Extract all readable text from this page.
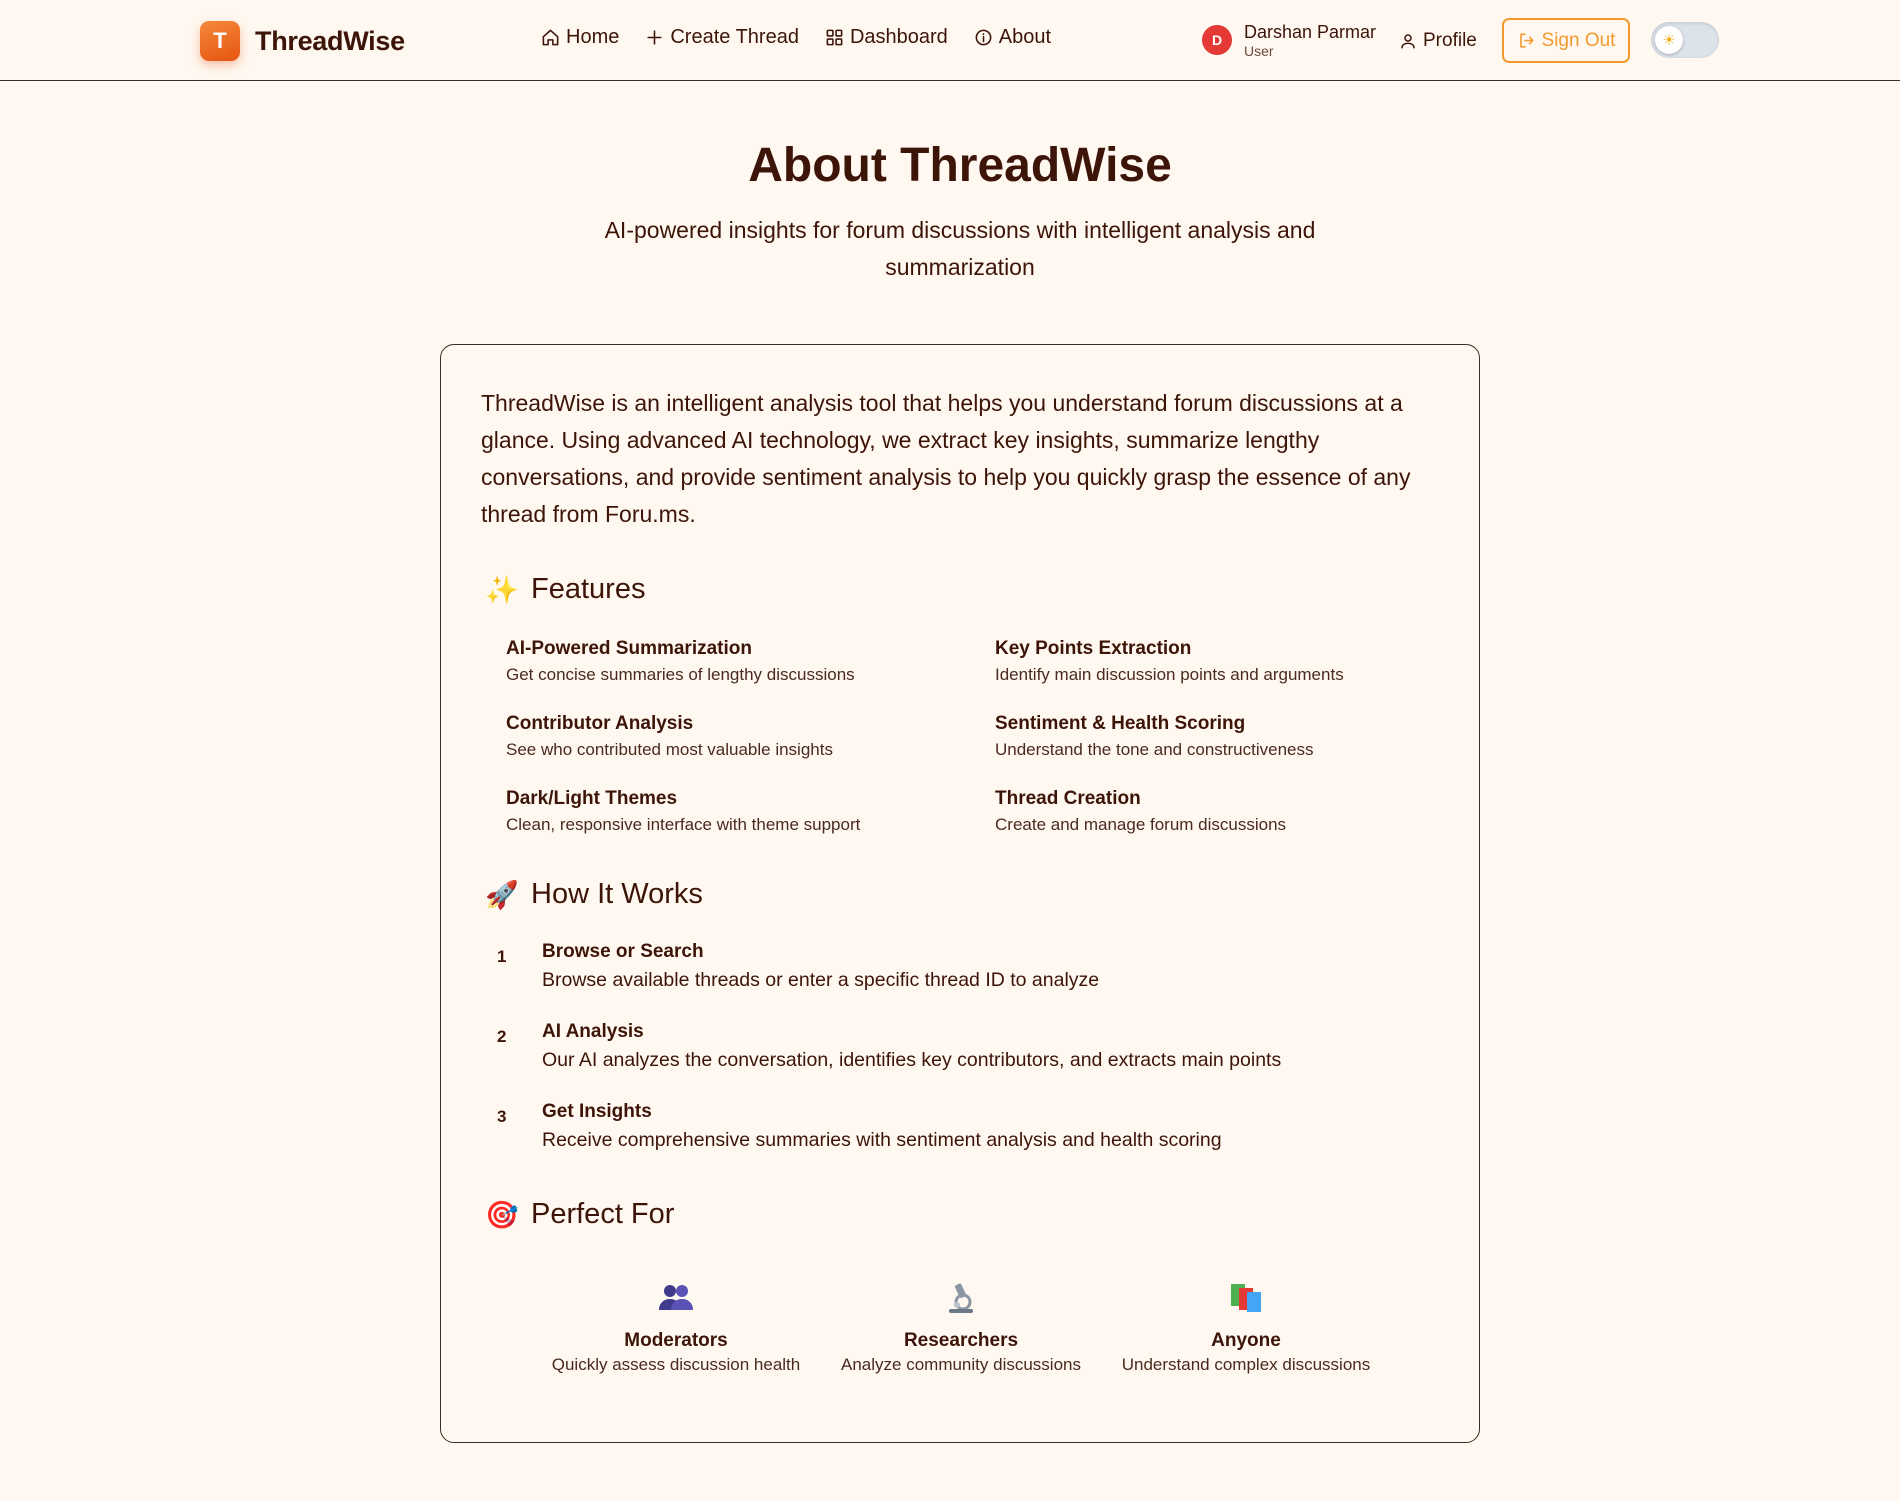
T	ThreadWise	Home	Create Thread	Dashboard	About	D	Darshan Parmar
User	Profile	Sign Out	☀
About ThreadWise
AI-powered insights for forum discussions with intelligent analysis and summarization

ThreadWise is an intelligent analysis tool that helps you understand forum discussions at a glance. Using advanced AI technology, we extract key insights, summarize lengthy conversations, and provide sentiment analysis to help you quickly grasp the essence of any thread from Foru.ms.

✨ Features
AI-Powered Summarization
Get concise summaries of lengthy discussions
Key Points Extraction
Identify main discussion points and arguments
Contributor Analysis
See who contributed most valuable insights
Sentiment & Health Scoring
Understand the tone and constructiveness
Dark/Light Themes
Clean, responsive interface with theme support
Thread Creation
Create and manage forum discussions
🚀 How It Works
1 Browse or Search
Browse available threads or enter a specific thread ID to analyze
2 AI Analysis
Our AI analyzes the conversation, identifies key contributors, and extracts main points
3 Get Insights
Receive comprehensive summaries with sentiment analysis and health scoring
🎯 Perfect For
Moderators
Quickly assess discussion health
Researchers
Analyze community discussions
Anyone
Understand complex discussions
